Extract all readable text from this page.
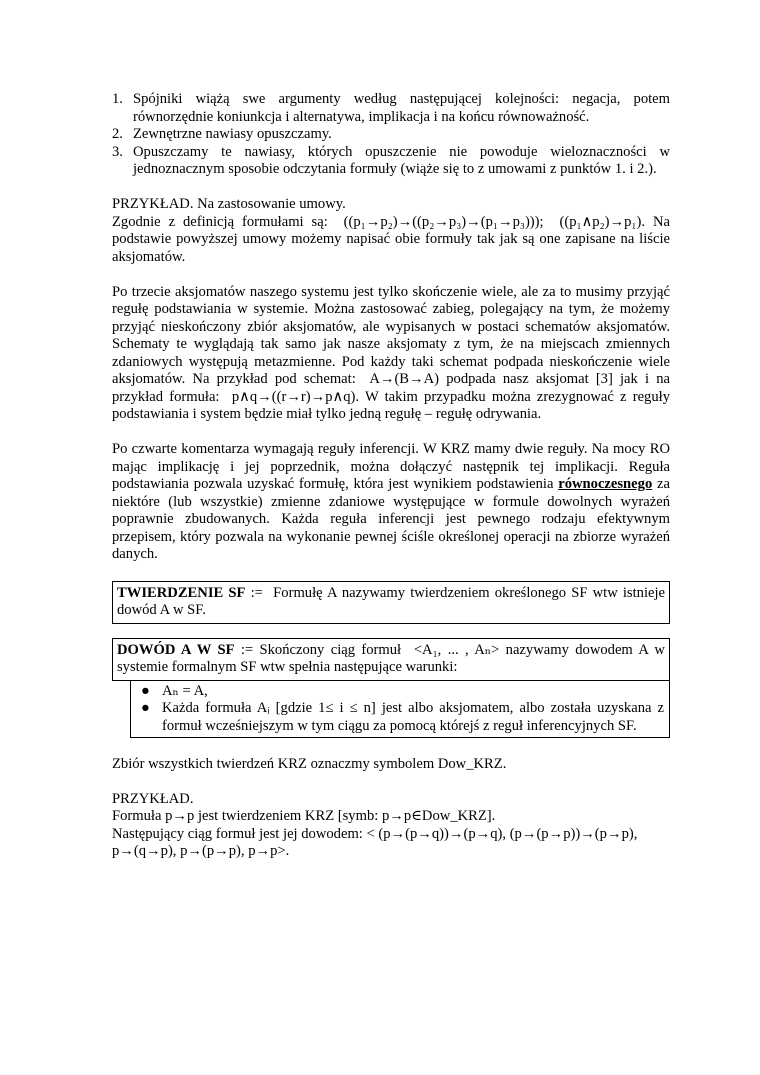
1. Spójniki wiążą swe argumenty według następującej kolejności: negacja, potem równorzędnie koniunkcja i alternatywa, implikacja i na końcu równoważność.
2. Zewnętrzne nawiasy opuszczamy.
3. Opuszczamy te nawiasy, których opuszczenie nie powoduje wieloznaczności w jednoznacznym sposobie odczytania formuły (wiąże się to z umowami z punktów 1. i 2.).

PRZYKŁAD. Na zastosowanie umowy.

Zgodnie z definicją formułami są: ((p₁→p₂)→((p₂→p₃)→(p₁→p₃))); ((p₁∧p₂)→p₁). Na podstawie powyższej umowy możemy napisać obie formuły tak jak są one zapisane na liście aksjomatów.

Po trzecie aksjomatów naszego systemu jest tylko skończenie wiele, ale za to musimy przyjąć regułę podstawiania w systemie. Można zastosować zabieg, polegający na tym, że możemy przyjąć nieskończony zbiór aksjomatów, ale wypisanych w postaci schematów aksjomatów. Schematy te wyglądają tak samo jak nasze aksjomaty z tym, że na miejscach zmiennych zdaniowych występują metazmienne. Pod każdy taki schemat podpada nieskończenie wiele aksjomatów. Na przykład pod schemat: A→(B→A) podpada nasz aksjomat [3] jak i na przykład formuła: p∧q→((r→r)→p∧q). W takim przypadku można zrezygnować z reguły podstawiania i system będzie miał tylko jedną regułę – regułę odrywania.

Po czwarte komentarza wymagają reguły inferencji. W KRZ mamy dwie reguły. Na mocy RO mając implikację i jej poprzednik, można dołączyć następnik tej implikacji. Reguła podstawiania pozwala uzyskać formułę, która jest wynikiem podstawienia równoczesnego za niektóre (lub wszystkie) zmienne zdaniowe występujące w formule dowolnych wyrażeń poprawnie zbudowanych. Każda reguła inferencji jest pewnego rodzaju efektywnym przepisem, który pozwala na wykonanie pewnej ściśle określonej operacji na zbiorze wyrażeń danych.

TWIERDZENIE SF := Formułę A nazywamy twierdzeniem określonego SF wtw istnieje dowód A w SF.
DOWÓD A W SF := Skończony ciąg formuł <A₁, ... , Aₙ> nazywamy dowodem A w systemie formalnym SF wtw spełnia następujące warunki:
● Aₙ = A,
● Każda formuła Aᵢ [gdzie 1≤ i ≤ n] jest albo aksjomatem, albo została uzyskana z formuł wcześniejszym w tym ciągu za pomocą którejś z reguł inferencyjnych SF.

Zbiór wszystkich twierdzeń KRZ oznaczmy symbolem Dow_KRZ.

PRZYKŁAD.

Formuła p→p jest twierdzeniem KRZ [symb: p→p∈Dow_KRZ].

Następujący ciąg formuł jest jej dowodem: < (p→(p→q))→(p→q), (p→(p→p))→(p→p), p→(q→p), p→(p→p), p→p>.
